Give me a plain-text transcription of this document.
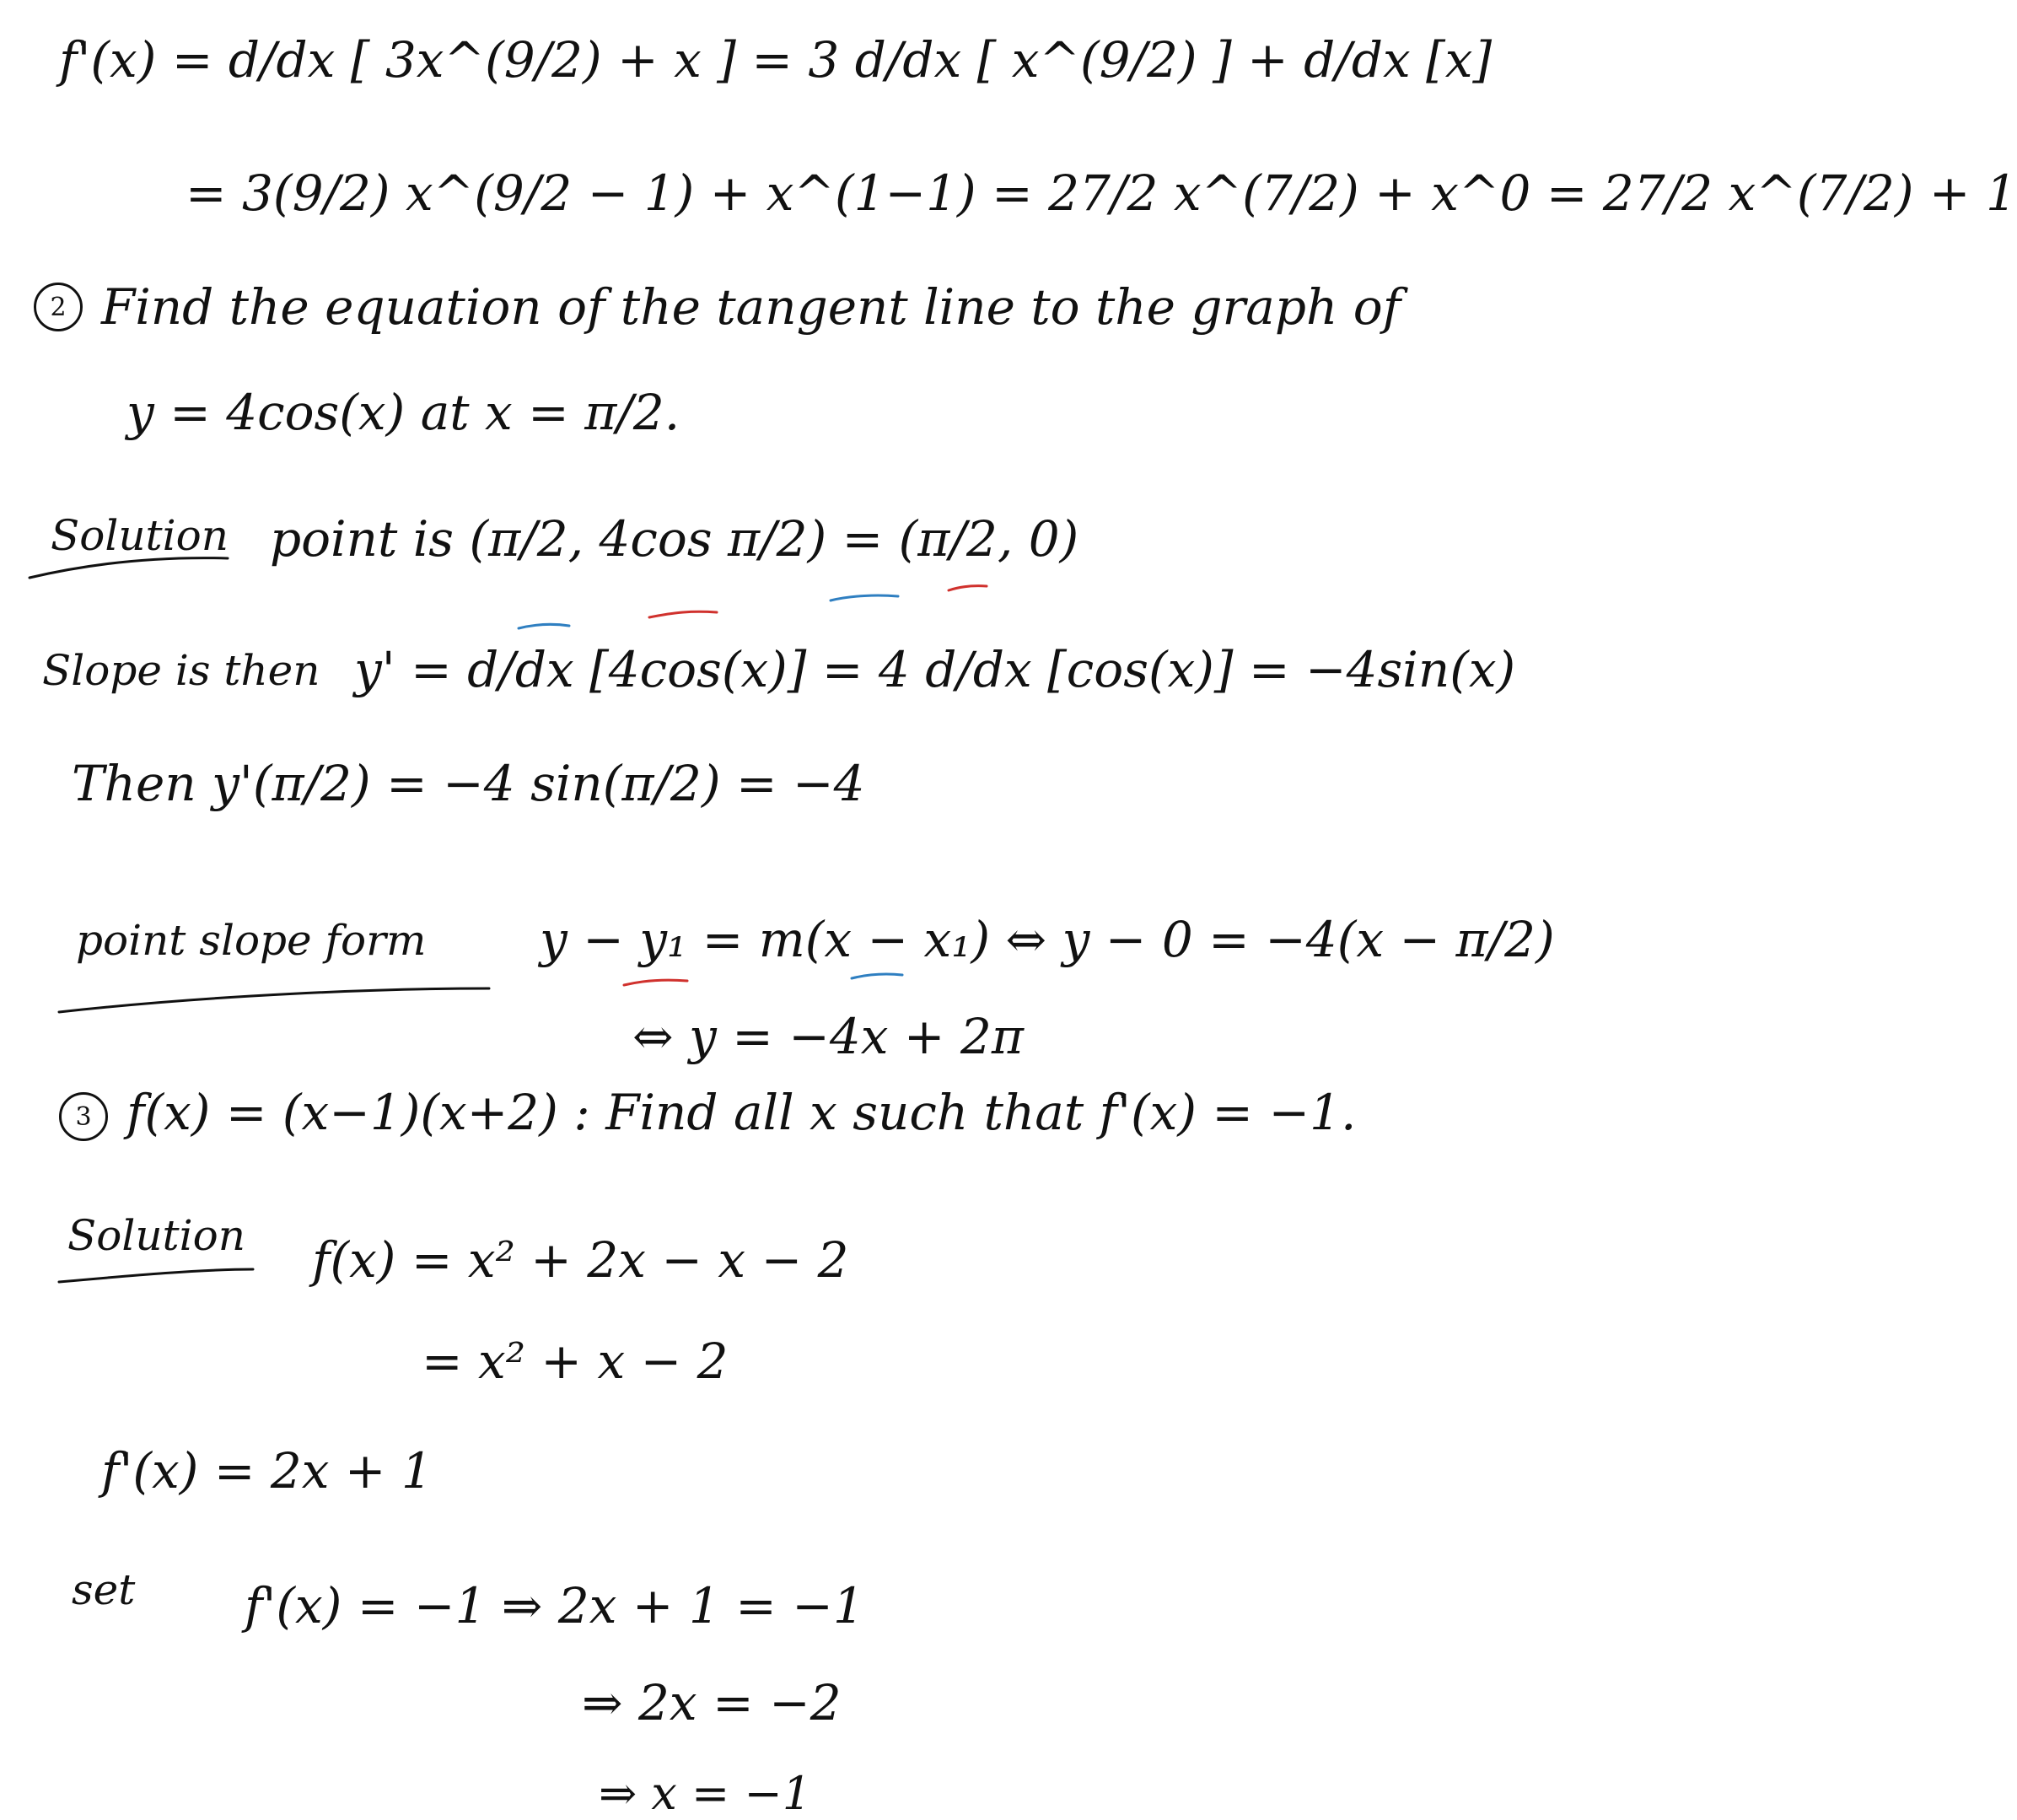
f'(x) = d/dx [ 3x^(9/2) + x ] = 3 d/dx [ x^(9/2) ] + d/dx [x]
= 3(9/2) x^(9/2 − 1) + x^(1−1) = 27/2 x^(7/2) + x^0 = 27/2 x^(7/2) + 1
2 Find the equation of the tangent line to the graph of
y = 4cos(x) at x = π/2.
Solution point is (π/2, 4cos π/2) = (π/2, 0)
Slope is then y' = d/dx [4cos(x)] = 4 d/dx [cos(x)] = −4sin(x)
Then y'(π/2) = −4 sin(π/2) = −4
point slope form y − y₁ = m(x − x₁) ⇔ y − 0 = −4(x − π/2)
⇔ y = −4x + 2π
3 f(x) = (x−1)(x+2) : Find all x such that f'(x) = −1.
Solution f(x) = x² + 2x − x − 2
= x² + x − 2
f'(x) = 2x + 1
set f'(x) = −1 ⇒ 2x + 1 = −1
⇒ 2x = −2
⇒ x = −1
